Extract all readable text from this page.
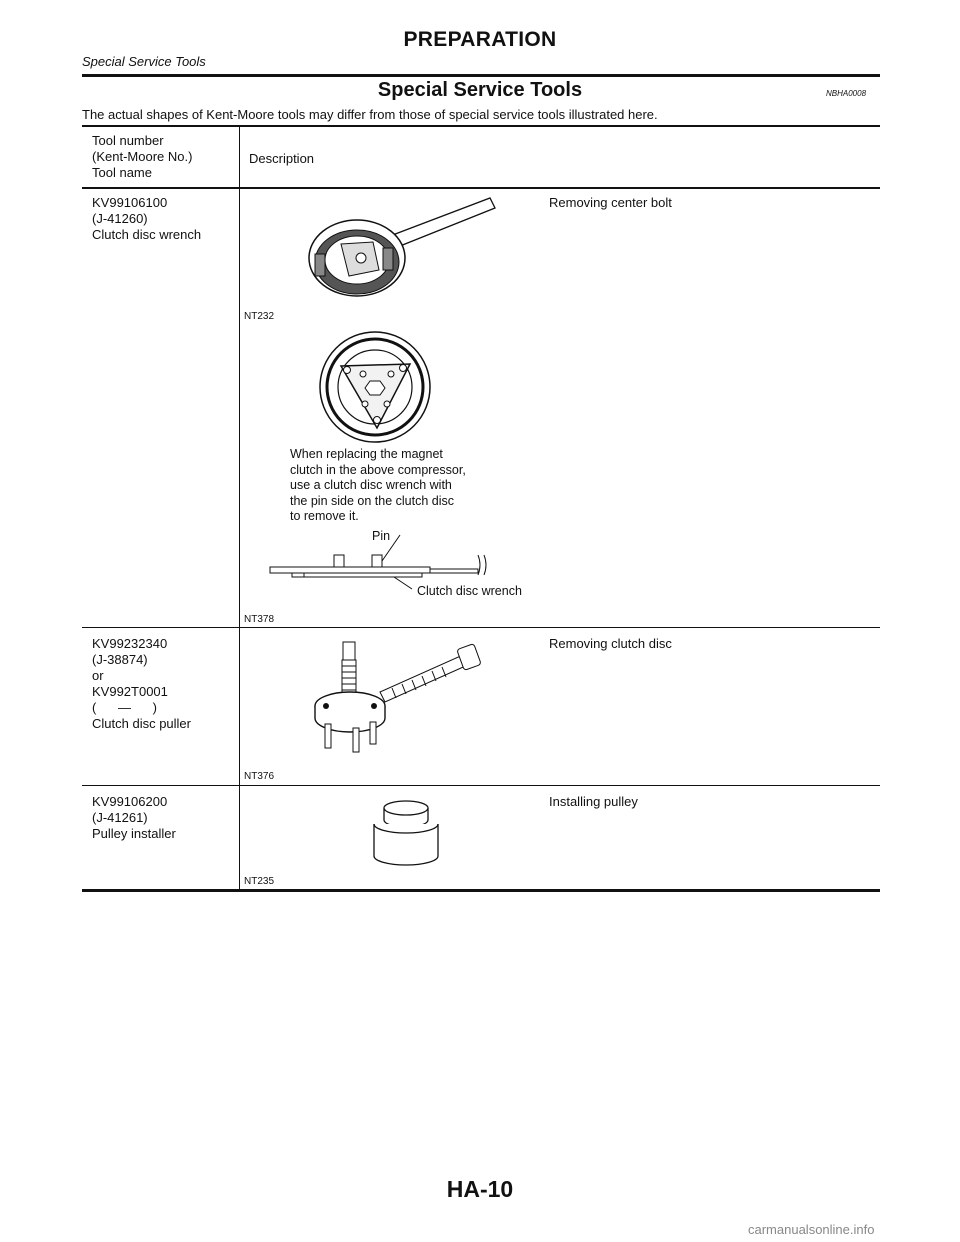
PREPARATION
Special Service Tools
Special Service Tools	NBHA0008
The actual shapes of Kent-Moore tools may differ from those of special service tools illustrated here.
Tool number
(Kent-Moore No.)
Tool name
Description
KV99106100
(J-41260)
Clutch disc wrench
Removing center bolt
NT232
When replacing the magnet
clutch in the above compressor,
use a clutch disc wrench with
the pin side on the clutch disc
to remove it.
Pin
Clutch disc wrench
NT378
KV99232340
(J-38874)
or
KV992T0001
(      —      )
Clutch disc puller
Removing clutch disc
NT376
KV99106200
(J-41261)
Pulley installer
Installing pulley
NT235
HA-10
carmanualsonline.info
